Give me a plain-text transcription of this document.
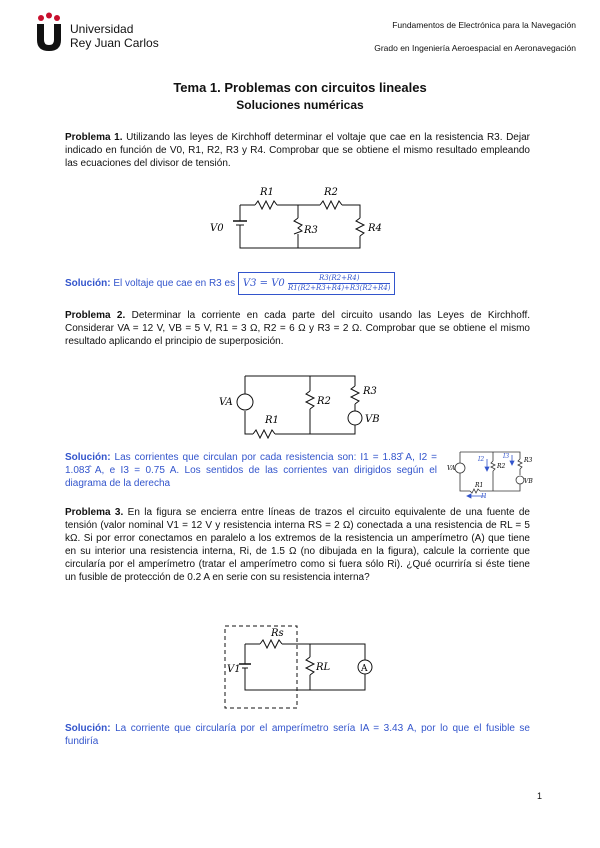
Universidad
Rey Juan Carlos
Fundamentos de Electrónica para la Navegación
Grado en Ingeniería Aeroespacial en Aeronavegación
Tema 1. Problemas con circuitos lineales
Soluciones numéricas
Problema 1. Utilizando las leyes de Kirchhoff determinar el voltaje que cae en la resistencia R3. Dejar indicado en función de V0, R1, R2, R3 y R4. Comprobar que se obtiene el mismo resultado empleando las ecuaciones del divisor de tensión.
R1	R2
R3	R4
V0
Solución: El voltaje que cae en R3 es $V3 = V0 \frac{R3(R2+R4)}{R1(R2+R3+R4)+R3(R2+R4)}$
Problema 2. Determinar la corriente en cada parte del circuito usando las Leyes de Kirchhoff. Considerar VA = 12 V, VB = 5 V, R1 = 3 Ω, R2 = 6 Ω y R3 = 2 Ω. Comprobar que se obtiene el mismo resultado aplicando el principio de superposición.
VA
VB
R1
R2
R3
Solución: Las corrientes que circulan por cada resistencia son: I1 = 1.83̂ A, I2 = 1.083̂ A, e I3 = 0.75 A. Los sentidos de las corrientes van dirigidos según el diagrama de la derecha
VA
VB
R1
R2
R3
I1
I2	I3
Problema 3. En la figura se encierra entre líneas de trazos el circuito equivalente de una fuente de tensión (valor nominal V1 = 12 V y resistencia interna RS = 2 Ω) conectada a una resistencia de RL = 5 kΩ. Si por error conectamos en paralelo a los extremos de la resistencia un amperímetro (A) que tiene en su interior una resistencia interna, Ri, de 1.5 Ω (no dibujada en la figura), calcule la corriente que circularía por el amperímetro (tratar el amperímetro como si fuera sólo Ri). ¿Qué ocurriría si éste tiene un fusible de protección de 0.2 A en serie con su resistencia interna?
Rs
RL
V1	A
Solución: La corriente que circularía por el amperímetro sería IA = 3.43 A, por lo que el fusible se fundiría
1
